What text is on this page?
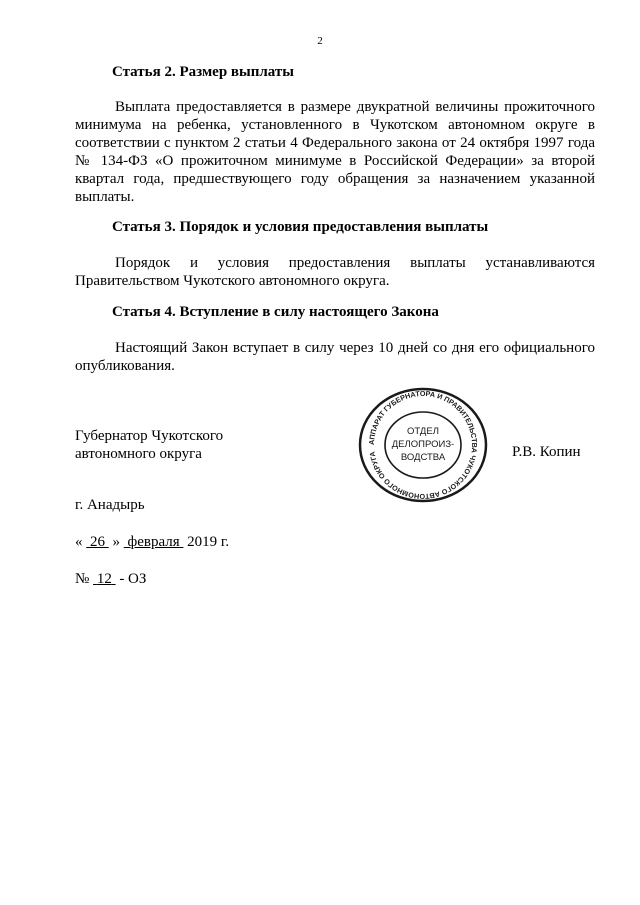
2
Статья 2. Размер выплаты
Выплата предоставляется в размере двукратной величины прожиточного минимума на ребенка, установленного в Чукотском автономном округе в соответствии с пунктом 2 статьи 4 Федерального закона от 24 октября 1997 года № 134-ФЗ «О прожиточном минимуме в Российской Федерации» за второй квартал года, предшествующего году обращения за назначением указанной выплаты.
Статья 3. Порядок и условия предоставления выплаты
Порядок и условия предоставления выплаты устанавливаются Правительством Чукотского автономного округа.
Статья 4. Вступление в силу настоящего Закона
Настоящий Закон вступает в силу через 10 дней со дня его официального опубликования.
Губернатор Чукотского
автономного округа	Р.В. Копин
АППАРАТ ГУБЕРНАТОРА И ПРАВИТЕЛЬСТВА ЧУКОТСКОГО АВТОНОМНОГО ОКРУГА
ОТДЕЛ
ДЕЛОПРОИЗ-
ВОДСТВА
г. Анадырь
« 26 » февраля 2019 г.
№ 12 - ОЗ
